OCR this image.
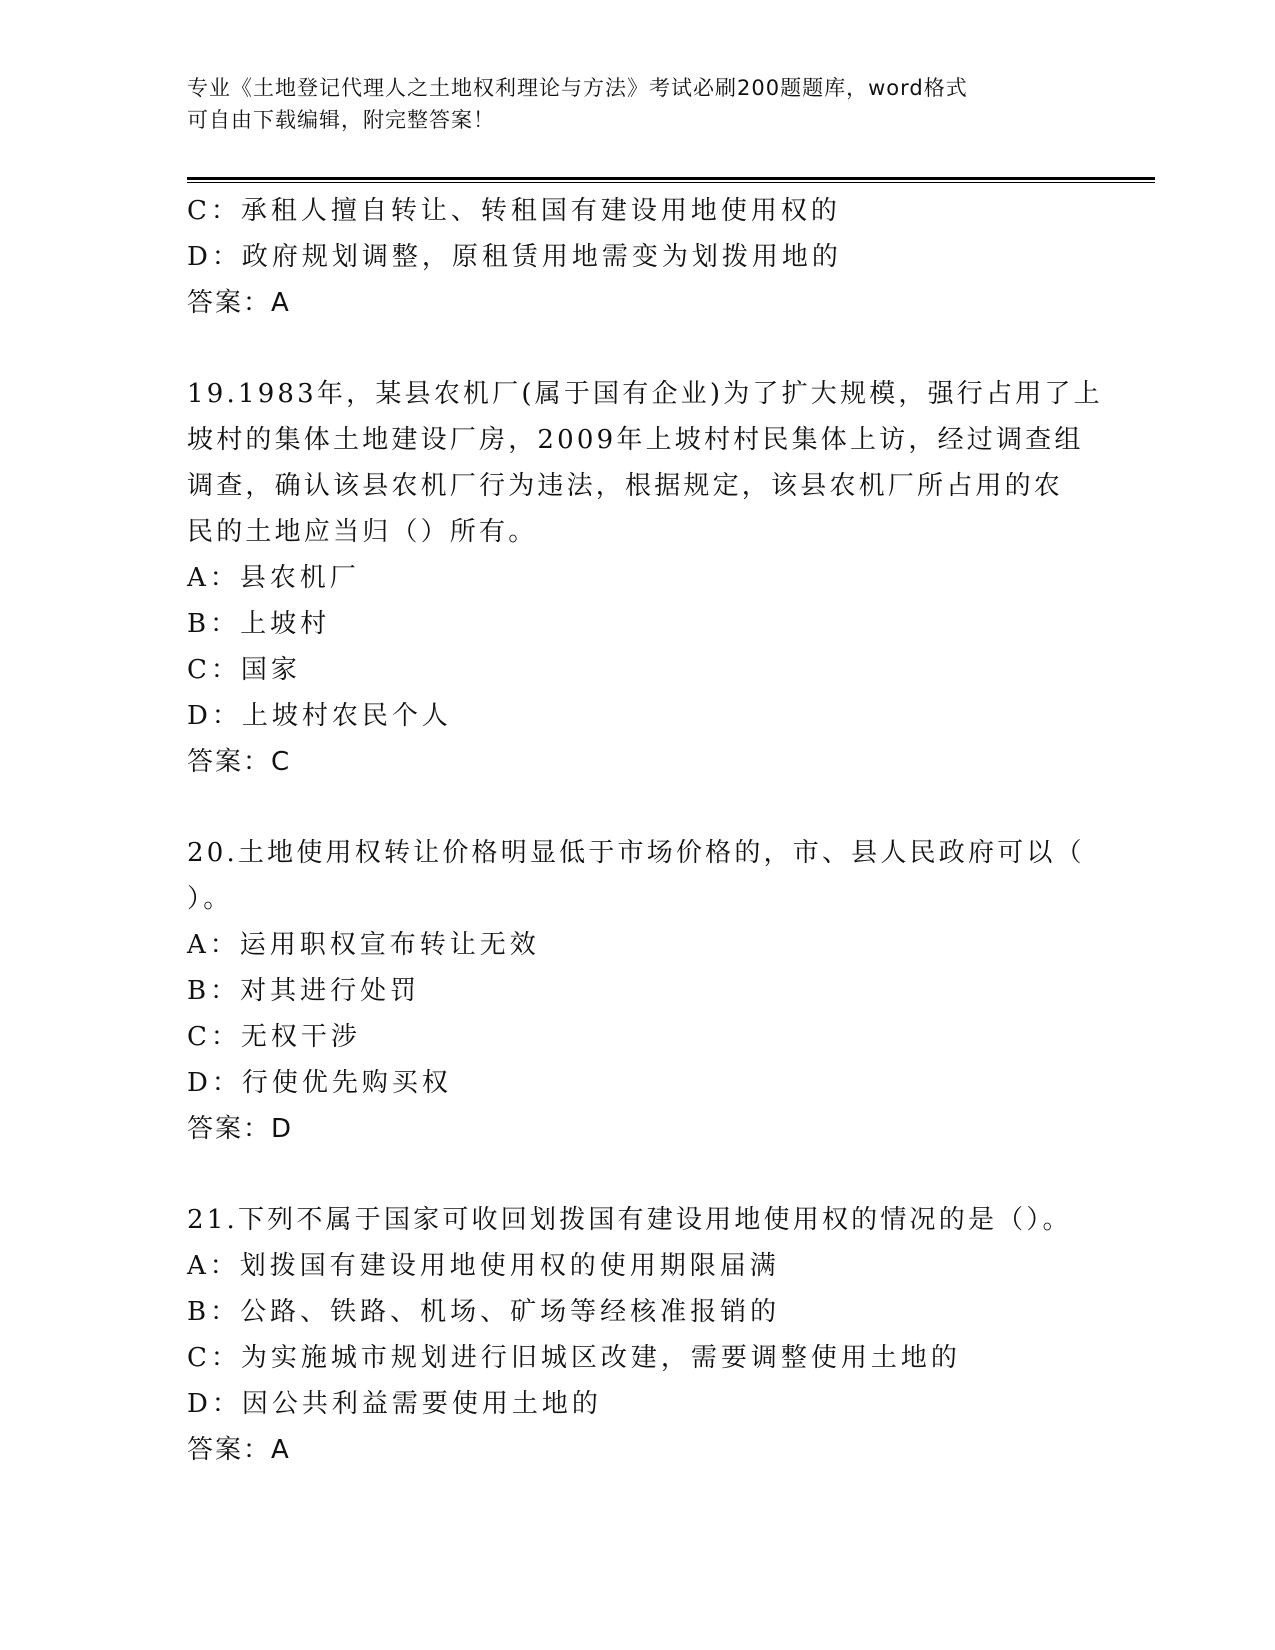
专业《土地登记代理人之土地权利理论与方法》考试必刷200题题库，word格式
可自由下载编辑，附完整答案！
C：承租人擅自转让、转租国有建设用地使用权的
D：政府规划调整，原租赁用地需变为划拨用地的
答案：A
19.1983年，某县农机厂(属于国有企业)为了扩大规模，强行占用了上
坡村的集体土地建设厂房，2009年上坡村村民集体上访，经过调查组
调查，确认该县农机厂行为违法，根据规定，该县农机厂所占用的农
民的土地应当归（）所有。
A：县农机厂
B：上坡村
C：国家
D：上坡村农民个人
答案：C
20.土地使用权转让价格明显低于市场价格的，市、县人民政府可以（
）。
A：运用职权宣布转让无效
B：对其进行处罚
C：无权干涉
D：行使优先购买权
答案：D
21.下列不属于国家可收回划拨国有建设用地使用权的情况的是（）。
A：划拨国有建设用地使用权的使用期限届满
B：公路、铁路、机场、矿场等经核准报销的
C：为实施城市规划进行旧城区改建，需要调整使用土地的
D：因公共利益需要使用土地的
答案：A
